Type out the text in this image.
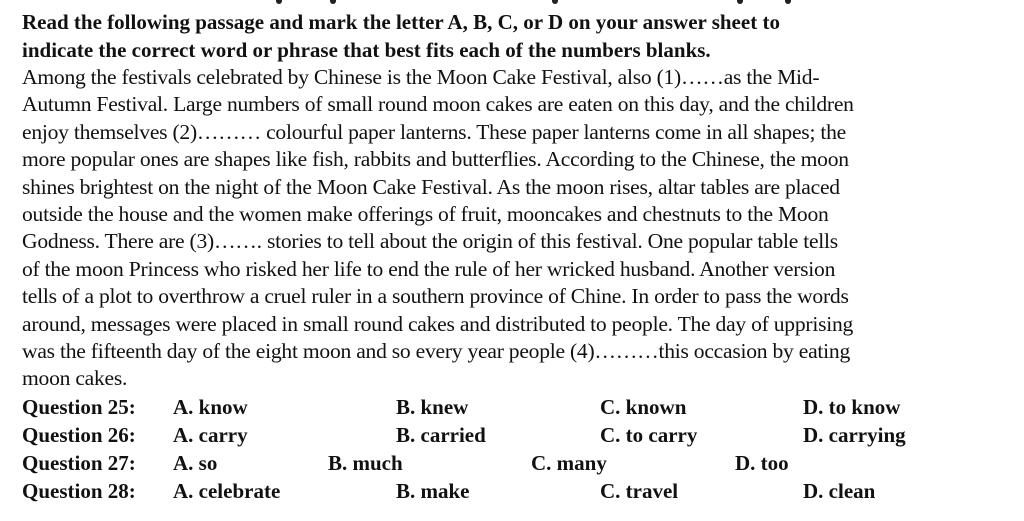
Read the following passage and mark the letter A, B, C, or D on your answer sheet to
indicate the correct word or phrase that best fits each of the numbers blanks.

Among the festivals celebrated by Chinese is the Moon Cake Festival, also (1)……as the Mid-
Autumn Festival. Large numbers of small round moon cakes are eaten on this day, and the children
enjoy themselves (2)……… colourful paper lanterns. These paper lanterns come in all shapes; the
more popular ones are shapes like fish, rabbits and butterflies. According to the Chinese, the moon
shines brightest on the night of the Moon Cake Festival. As the moon rises, altar tables are placed
outside the house and the women make offerings of fruit, mooncakes and chestnuts to the Moon
Godness. There are (3)……. stories to tell about the origin of this festival. One popular table tells
of the moon Princess who risked her life to end the rule of her wricked husband. Another version
tells of a plot to overthrow a cruel ruler in a southern province of Chine. In order to pass the words
around, messages were placed in small round cakes and distributed to people. The day of upprising
was the fifteenth day of the eight moon and so every year people (4)………this occasion by eating
moon cakes.

Question 25: A. know	B. knew	C. known	D. to know
Question 26: A. carry	B. carried	C. to carry	D. carrying
Question 27: A. so	B. much	C. many	D. too
Question 28: A. celebrate	B. make	C. travel	D. clean
